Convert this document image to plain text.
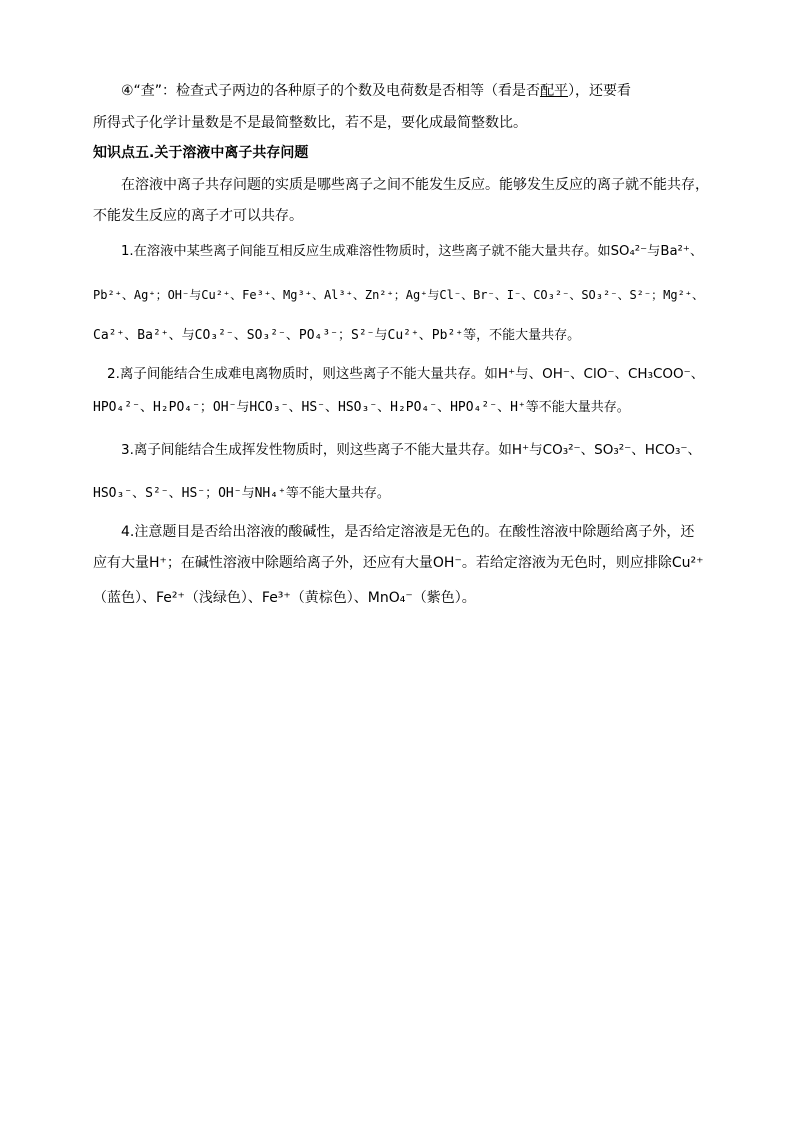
④“查”：检查式子两边的各种原子的个数及电荷数是否相等（看是否配平），还要看
所得式子化学计量数是不是最简整数比，若不是，要化成最简整数比。
知识点五.关于溶液中离子共存问题
在溶液中离子共存问题的实质是哪些离子之间不能发生反应。能够发生反应的离子就不能共存，
不能发生反应的离子才可以共存。
1.在溶液中某些离子间能互相反应生成难溶性物质时，这些离子就不能大量共存。如SO₄²⁻与Ba²⁺、
Pb²⁺、Ag⁺；OH⁻与Cu²⁺、Fe³⁺、Mg³⁺、Al³⁺、Zn²⁺；Ag⁺与Cl⁻、Br⁻、I⁻、CO₃²⁻、SO₃²⁻、S²⁻；Mg²⁺、
Ca²⁺、Ba²⁺、与CO₃²⁻、SO₃²⁻、PO₄³⁻；S²⁻与Cu²⁺、Pb²⁺等，不能大量共存。
2.离子间能结合生成难电离物质时，则这些离子不能大量共存。如H⁺与、OH⁻、ClO⁻、CH₃COO⁻、
HPO₄²⁻、H₂PO₄⁻；OH⁻与HCO₃⁻、HS⁻、HSO₃⁻、H₂PO₄⁻、HPO₄²⁻、H⁺等不能大量共存。
3.离子间能结合生成挥发性物质时，则这些离子不能大量共存。如H⁺与CO₃²⁻、SO₃²⁻、HCO₃⁻、
HSO₃⁻、S²⁻、HS⁻；OH⁻与NH₄⁺等不能大量共存。
4.注意题目是否给出溶液的酸碱性，是否给定溶液是无色的。在酸性溶液中除题给离子外，还
应有大量H⁺；在碱性溶液中除题给离子外，还应有大量OH⁻。若给定溶液为无色时，则应排除Cu²⁺
（蓝色）、Fe²⁺（浅绿色）、Fe³⁺（黄棕色）、MnO₄⁻（紫色）。
